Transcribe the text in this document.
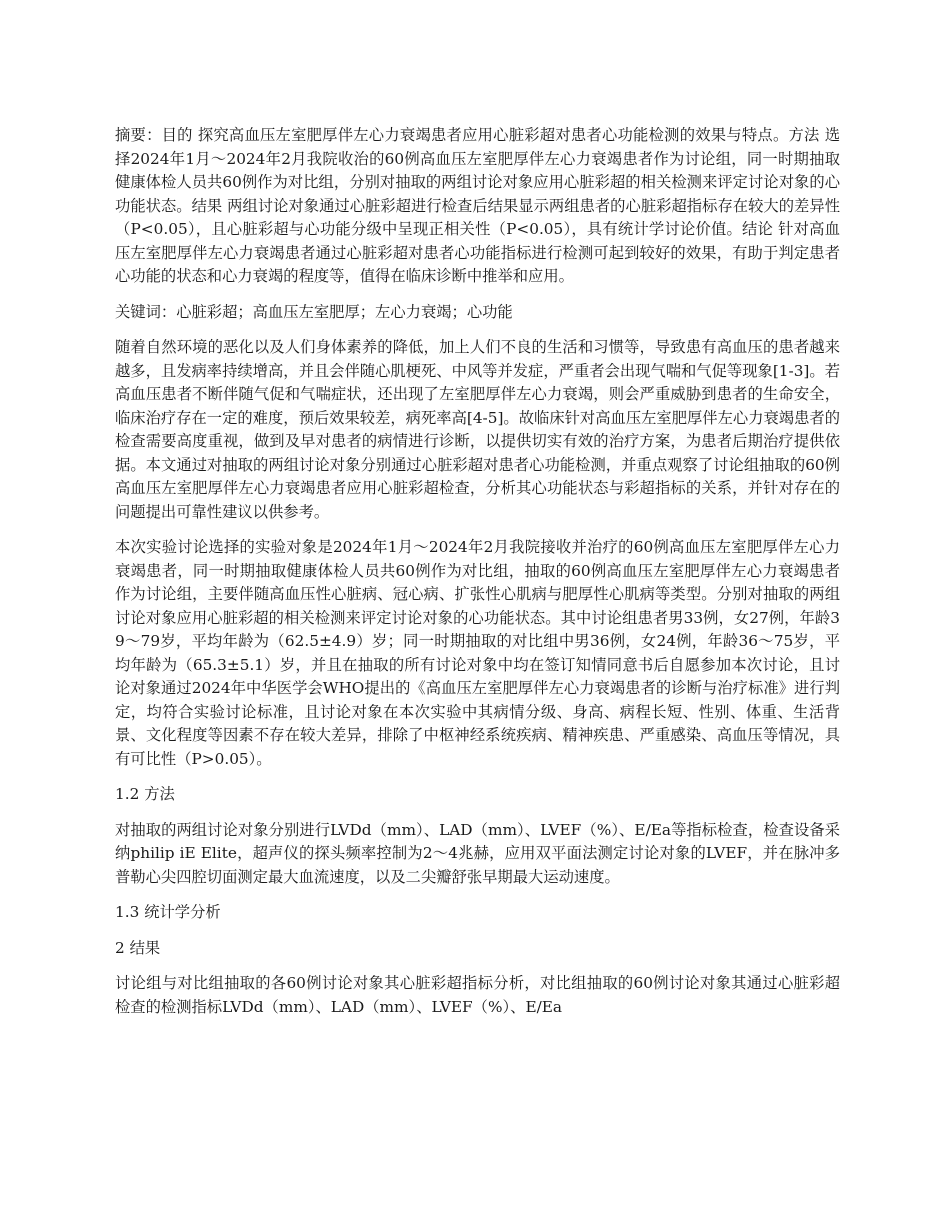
摘要：目的 探究高血压左室肥厚伴左心力衰竭患者应用心脏彩超对患者心功能检测的效果与特点。方法 选择2024年1月～2024年2月我院收治的60例高血压左室肥厚伴左心力衰竭患者作为讨论组，同一时期抽取健康体检人员共60例作为对比组，分别对抽取的两组讨论对象应用心脏彩超的相关检测来评定讨论对象的心功能状态。结果 两组讨论对象通过心脏彩超进行检查后结果显示两组患者的心脏彩超指标存在较大的差异性（P<0.05），且心脏彩超与心功能分级中呈现正相关性（P<0.05），具有统计学讨论价值。结论 针对高血压左室肥厚伴左心力衰竭患者通过心脏彩超对患者心功能指标进行检测可起到较好的效果，有助于判定患者心功能的状态和心力衰竭的程度等，值得在临床诊断中推举和应用。

关键词：心脏彩超；高血压左室肥厚；左心力衰竭；心功能

随着自然环境的恶化以及人们身体素养的降低，加上人们不良的生活和习惯等，导致患有高血压的患者越来越多，且发病率持续增高，并且会伴随心肌梗死、中风等并发症，严重者会出现气喘和气促等现象[1-3]。若高血压患者不断伴随气促和气喘症状，还出现了左室肥厚伴左心力衰竭，则会严重威胁到患者的生命安全，临床治疗存在一定的难度，预后效果较差，病死率高[4-5]。故临床针对高血压左室肥厚伴左心力衰竭患者的检查需要高度重视，做到及早对患者的病情进行诊断，以提供切实有效的治疗方案，为患者后期治疗提供依据。本文通过对抽取的两组讨论对象分别通过心脏彩超对患者心功能检测，并重点观察了讨论组抽取的60例高血压左室肥厚伴左心力衰竭患者应用心脏彩超检查，分析其心功能状态与彩超指标的关系，并针对存在的问题提出可靠性建议以供参考。

本次实验讨论选择的实验对象是2024年1月～2024年2月我院接收并治疗的60例高血压左室肥厚伴左心力衰竭患者，同一时期抽取健康体检人员共60例作为对比组，抽取的60例高血压左室肥厚伴左心力衰竭患者作为讨论组，主要伴随高血压性心脏病、冠心病、扩张性心肌病与肥厚性心肌病等类型。分别对抽取的两组讨论对象应用心脏彩超的相关检测来评定讨论对象的心功能状态。其中讨论组患者男33例，女27例，年龄39～79岁，平均年龄为（62.5±4.9）岁；同一时期抽取的对比组中男36例，女24例，年龄36～75岁，平均年龄为（65.3±5.1）岁，并且在抽取的所有讨论对象中均在签订知情同意书后自愿参加本次讨论，且讨论对象通过2024年中华医学会WHO提出的《高血压左室肥厚伴左心力衰竭患者的诊断与治疗标准》进行判定，均符合实验讨论标准，且讨论对象在本次实验中其病情分级、身高、病程长短、性别、体重、生活背景、文化程度等因素不存在较大差异，排除了中枢神经系统疾病、精神疾患、严重感染、高血压等情况，具有可比性（P>0.05）。

1.2 方法

对抽取的两组讨论对象分别进行LVDd（mm）、LAD（mm）、LVEF（%）、E/Ea等指标检查，检查设备采纳philip iE Elite，超声仪的探头频率控制为2～4兆赫，应用双平面法测定讨论对象的LVEF，并在脉冲多普勒心尖四腔切面测定最大血流速度，以及二尖瓣舒张早期最大运动速度。

1.3 统计学分析

2 结果

讨论组与对比组抽取的各60例讨论对象其心脏彩超指标分析，对比组抽取的60例讨论对象其通过心脏彩超检查的检测指标LVDd（mm）、LAD（mm）、LVEF（%）、E/Ea
